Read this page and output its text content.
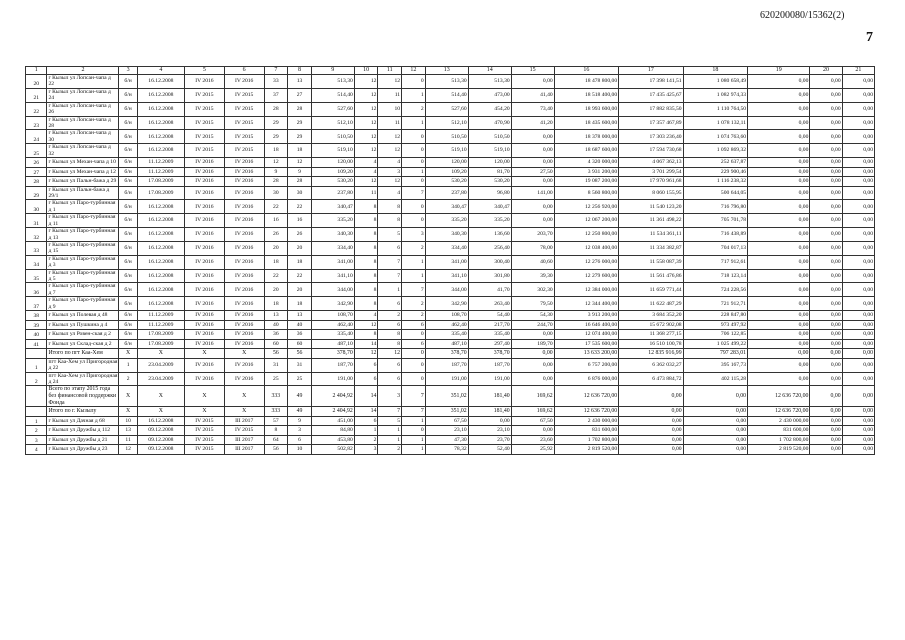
620200080/15362(2)
7
1	2	3	4	5	6	7	8	9	10	11	12	13	14	15	16	17	18	19	20	21
20	г Кызыл ул Лопсан-чапа д 22	б/н	16.12.2008	IV 2016	IV 2016	33	13	513,30	12	12	0	513,30	513,30	0,00	18 478 800,00	17 398 141,51	1 080 658,49	0,00	0,00	0,00
21	г Кызыл ул Лопсан-чапа д 24	б/н	16.12.2008	IV 2015	IV 2015	37	27	514,40	12	11	1	514,40	473,00	41,40	18 518 400,00	17 435 425,67	1 082 974,33	0,00	0,00	0,00
22	г Кызыл ул Лопсан-чапа д 26	б/н	16.12.2008	IV 2015	IV 2015	28	28	527,60	12	10	2	527,60	454,20	73,40	18 993 600,00	17 882 835,50	1 110 764,50	0,00	0,00	0,00
23	г Кызыл ул Лопсан-чапа д 28	б/н	16.12.2008	IV 2015	IV 2015	29	29	512,10	12	11	1	512,10	470,90	41,20	18 435 600,00	17 357 467,89	1 078 132,11	0,00	0,00	0,00
24	г Кызыл ул Лопсан-чапа д 30	б/н	16.12.2008	IV 2015	IV 2015	29	29	510,50	12	12	0	510,50	510,50	0,00	18 378 000,00	17 303 236,40	1 074 763,60	0,00	0,00	0,00
25	г Кызыл ул Лопсан-чапа д 32	б/н	16.12.2008	IV 2015	IV 2015	18	18	519,10	12	12	0	519,10	519,10	0,00	18 687 600,00	17 594 730,68	1 092 869,32	0,00	0,00	0,00
26	г Кызыл ул Механ-чапа д 10	б/н	11.12.2009	IV 2016	IV 2016	12	12	120,00	4	4	0	120,00	120,00	0,00	4 320 000,00	4 067 362,13	252 637,87	0,00	0,00	0,00
27	г Кызыл ул Механ-чапа д 12	б/н	11.12.2009	IV 2016	IV 2016	9	9	109,20	4	3	1	109,20	81,70	27,50	3 931 200,00	3 701 299,54	229 900,46	0,00	0,00	0,00
28	г Кызыл ул Пальн-бажа д 29	б/н	17.08.2009	IV 2016	IV 2016	28	28	530,20	12	12	0	530,20	530,20	0,00	19 087 200,00	17 970 961,68	1 116 238,32	0,00	0,00	0,00
29	г Кызыл ул Пальн-бажа д 29/1	б/н	17.08.2009	IV 2016	IV 2016	30	30	237,80	11	4	7	237,80	96,80	141,00	8 560 800,00	8 060 155,95	500 644,05	0,00	0,00	0,00
30	г Кызыл ул Паро-турбинная д 1	б/н	16.12.2008	IV 2016	IV 2016	22	22	340,47	8	8	0	340,47	340,47	0,00	12 256 920,00	11 540 123,20	716 796,80	0,00	0,00	0,00
31	г Кызыл ул Паро-турбинная д 11	б/н	16.12.2008	IV 2016	IV 2016	16	16	335,20	8	8	0	335,20	335,20	0,00	12 067 200,00	11 361 498,22	705 701,78	0,00	0,00	0,00
32	г Кызыл ул Паро-турбинная д 13	б/н	16.12.2008	IV 2016	IV 2016	26	26	340,30	8	5	3	340,30	136,60	203,70	12 250 800,00	11 534 361,11	716 438,89	0,00	0,00	0,00
33	г Кызыл ул Паро-турбинная д 15	б/н	16.12.2008	IV 2016	IV 2016	20	20	334,40	8	6	2	334,40	256,40	78,00	12 038 400,00	11 334 382,87	704 017,13	0,00	0,00	0,00
34	г Кызыл ул Паро-турбинная д 3	б/н	16.12.2008	IV 2016	IV 2016	18	18	341,00	8	7	1	341,00	300,40	40,60	12 276 000,00	11 558 087,39	717 912,61	0,00	0,00	0,00
35	г Кызыл ул Паро-турбинная д 5	б/н	16.12.2008	IV 2016	IV 2016	22	22	341,10	8	7	1	341,10	301,80	39,30	12 279 600,00	11 561 476,86	718 123,14	0,00	0,00	0,00
36	г Кызыл ул Паро-турбинная д 7	б/н	16.12.2008	IV 2016	IV 2016	20	20	344,00	8	1	7	344,00	41,70	302,30	12 384 000,00	11 659 771,44	724 228,56	0,00	0,00	0,00
37	г Кызыл ул Паро-турбинная д 9	б/н	16.12.2008	IV 2016	IV 2016	18	18	342,90	8	6	2	342,90	263,40	79,50	12 344 400,00	11 622 487,29	721 912,71	0,00	0,00	0,00
38	г Кызыл ул Полевая д 48	б/н	11.12.2009	IV 2016	IV 2016	13	13	108,70	4	2	2	108,70	54,40	54,30	3 913 200,00	3 684 352,20	228 847,80	0,00	0,00	0,00
39	г Кызыл ул Пушкина д 4	б/н	11.12.2009	IV 2016	IV 2016	40	40	462,40	12	6	6	462,40	217,70	244,70	16 646 400,00	15 672 902,08	973 497,92	0,00	0,00	0,00
40	г Кызыл ул Ровен-ская д 2	б/н	17.08.2009	IV 2016	IV 2016	36	36	335,40	8	8	0	335,40	335,40	0,00	12 074 400,00	11 368 277,15	706 122,85	0,00	0,00	0,00
41	г Кызыл ул Склад-ская д 2	б/н	17.08.2009	IV 2016	IV 2016	60	60	487,10	14	8	6	487,10	297,40	189,70	17 535 600,00	16 510 100,78	1 025 499,22	0,00	0,00	0,00
	Итого по пгт Каа-Хем	X	X	X	X	56	56	378,70	12	12	0	378,70	378,70	0,00	13 633 200,00	12 835 916,99	797 283,01	0,00	0,00	0,00
1	пгт Каа-Хем ул Пригородная д 22	1	23.04.2009	IV 2016	IV 2016	31	31	187,70	6	6	0	187,70	187,70	0,00	6 757 200,00	6 362 032,27	395 167,73	0,00	0,00	0,00
2	пгт Каа-Хем ул Пригородная д 24	2	23.04.2009	IV 2016	IV 2016	25	25	191,00	6	6	0	191,00	191,00	0,00	6 876 000,00	6 473 884,72	402 115,28	0,00	0,00	0,00
	Всего по этапу 2015 года без финансовой поддержки Фонда	X	X	X	X	333	49	2 404,92	14	3	7	351,02	181,40	169,62	12 636 720,00	0,00	0,00	12 636 720,00	0,00	0,00
	Итого по г. Кызылу	X	X	X	X	333	49	2 404,92	14	7	7	351,02	181,40	169,62	12 636 720,00	0,00	0,00	12 636 720,00	0,00	0,00
1	г Кызыл ул Дачная д 68	10	16.12.2008	IV 2015	III 2017	57	9	451,00	6	5	1	67,50	0,00	67,50	2 430 000,00	0,00	0,00	2 430 000,00	0,00	0,00
2	г Кызыл ул Дружбы д 112	13	09.12.2008	IV 2015	IV 2015	8	3	84,80	1	1	0	23,10	23,10	0,00	831 600,00	0,00	0,00	831 600,00	0,00	0,00
3	г Кызыл ул Дружбы д 21	11	09.12.2008	IV 2015	III 2017	64	6	453,80	2	1	1	47,30	23,70	23,60	1 702 800,00	0,00	0,00	1 702 800,00	0,00	0,00
4	г Кызыл ул Дружбы д 23	12	09.12.2008	IV 2015	III 2017	56	10	502,82	3	2	1	78,32	52,40	25,92	2 819 520,00	0,00	0,00	2 819 520,00	0,00	0,00
